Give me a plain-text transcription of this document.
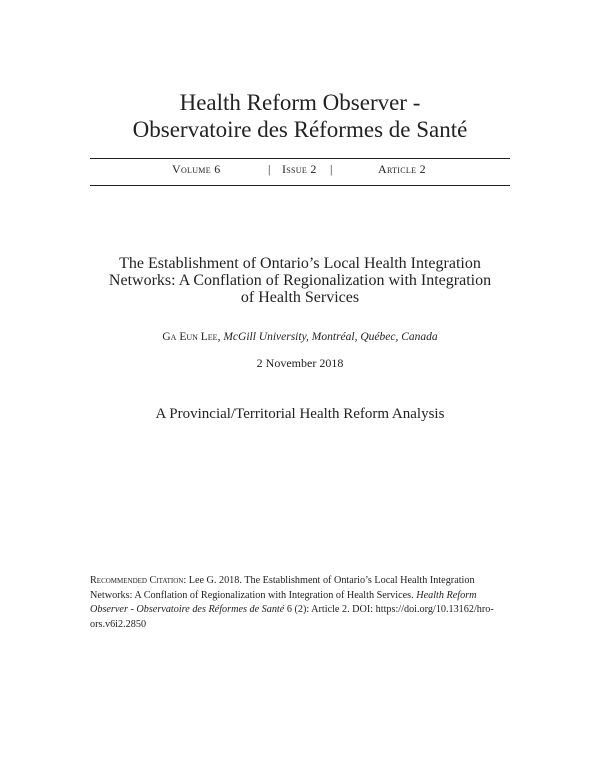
Health Reform Observer -
Observatoire des Réformes de Santé
Volume 6	| Issue 2 |	Article 2
The Establishment of Ontario’s Local Health Integration
Networks: A Conflation of Regionalization with Integration
of Health Services
Ga Eun Lee, McGill University, Montréal, Québec, Canada
2 November 2018
A Provincial/Territorial Health Reform Analysis
Recommended Citation: Lee G. 2018. The Establishment of Ontario’s Local Health Integration Networks: A Conflation of Regionalization with Integration of Health Services. Health Reform Observer - Observatoire des Réformes de Santé 6 (2): Article 2. DOI: https://doi.org/10.13162/hro-ors.v6i2.2850
